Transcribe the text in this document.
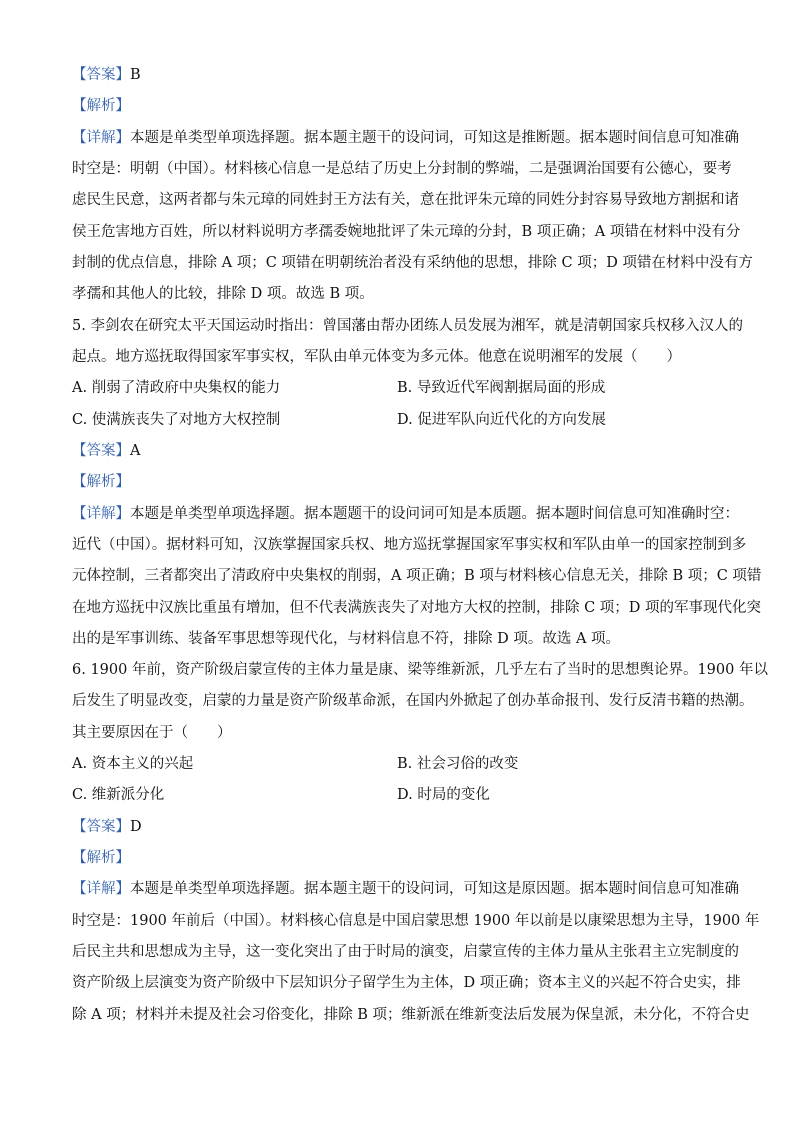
【答案】B
【解析】
【详解】本题是单类型单项选择题。据本题主题干的设问词，可知这是推断题。据本题时间信息可知准确
时空是：明朝（中国）。材料核心信息一是总结了历史上分封制的弊端，二是强调治国要有公德心，要考
虑民生民意，这两者都与朱元璋的同姓封王方法有关，意在批评朱元璋的同姓分封容易导致地方割据和诸
侯王危害地方百姓，所以材料说明方孝孺委婉地批评了朱元璋的分封，B 项正确；A 项错在材料中没有分
封制的优点信息，排除 A 项；C 项错在明朝统治者没有采纳他的思想，排除 C 项；D 项错在材料中没有方
孝孺和其他人的比较，排除 D 项。故选 B 项。
5. 李剑农在研究太平天国运动时指出：曾国藩由帮办团练人员发展为湘军，就是清朝国家兵权移入汉人的
起点。地方巡抚取得国家军事实权，军队由单元体变为多元体。他意在说明湘军的发展（　　）
A. 削弱了清政府中央集权的能力	B. 导致近代军阀割据局面的形成
C. 使满族丧失了对地方大权控制	D. 促进军队向近代化的方向发展
【答案】A
【解析】
【详解】本题是单类型单项选择题。据本题题干的设问词可知是本质题。据本题时间信息可知准确时空：
近代（中国）。据材料可知，汉族掌握国家兵权、地方巡抚掌握国家军事实权和军队由单一的国家控制到多
元体控制，三者都突出了清政府中央集权的削弱，A 项正确；B 项与材料核心信息无关，排除 B 项；C 项错
在地方巡抚中汉族比重虽有增加，但不代表满族丧失了对地方大权的控制，排除 C 项；D 项的军事现代化突
出的是军事训练、装备军事思想等现代化，与材料信息不符，排除 D 项。故选 A 项。
6. 1900 年前，资产阶级启蒙宣传的主体力量是康、梁等维新派，几乎左右了当时的思想舆论界。1900 年以
后发生了明显改变，启蒙的力量是资产阶级革命派，在国内外掀起了创办革命报刊、发行反清书籍的热潮。
其主要原因在于（　　）
A. 资本主义的兴起	B. 社会习俗的改变
C. 维新派分化	D. 时局的变化
【答案】D
【解析】
【详解】本题是单类型单项选择题。据本题主题干的设问词，可知这是原因题。据本题时间信息可知准确
时空是：1900 年前后（中国）。材料核心信息是中国启蒙思想 1900 年以前是以康梁思想为主导，1900 年
后民主共和思想成为主导，这一变化突出了由于时局的演变，启蒙宣传的主体力量从主张君主立宪制度的
资产阶级上层演变为资产阶级中下层知识分子留学生为主体，D 项正确；资本主义的兴起不符合史实，排
除 A 项；材料并未提及社会习俗变化，排除 B 项；维新派在维新变法后发展为保皇派，未分化，不符合史
